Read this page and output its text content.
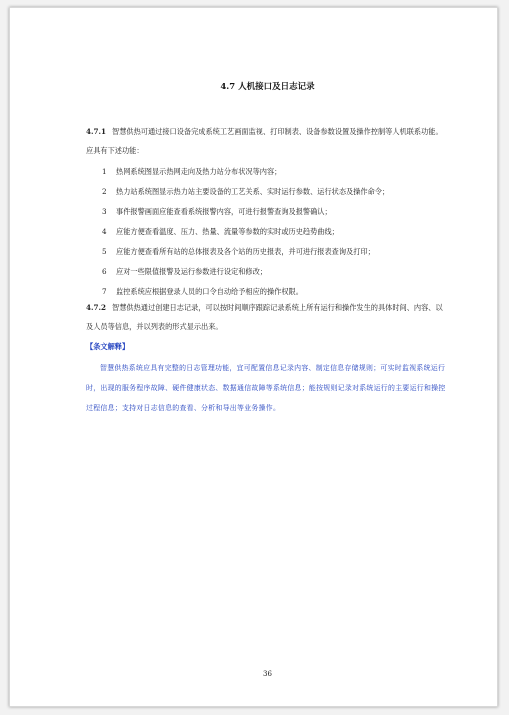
4.7 人机接口及日志记录
4.7.1 智慧供热可通过接口设备完成系统工艺画面监视、打印制表、设备参数设置及操作控制等人机联系功能。应具有下述功能：
1 热网系统图显示热网走向及热力站分布状况等内容；
2 热力站系统图显示热力站主要设备的工艺关系、实时运行参数、运行状态及操作命令；
3 事件报警画面应能查看系统报警内容，可进行报警查询及报警确认；
4 应能方便查看温度、压力、热量、流量等参数的实时或历史趋势曲线；
5 应能方便查看所有站的总体报表及各个站的历史报表，并可进行报表查询及打印；
6 应对一些限值报警及运行参数进行设定和修改；
7 监控系统应根据登录人员的口令自动给予相应的操作权限。
4.7.2 智慧供热通过创建日志记录，可以按时间顺序跟踪记录系统上所有运行和操作发生的具体时间、内容、以及人员等信息，并以列表的形式显示出来。
【条文解释】
智慧供热系统应具有完整的日志管理功能，宜可配置信息记录内容、制定信息存储规则；可实时监视系统运行时，出现的服务程序故障、硬件健康状态、数据通信故障等系统信息；能按规则记录对系统运行的主要运行和操控过程信息；支持对日志信息的查看、分析和导出等业务操作。
36
